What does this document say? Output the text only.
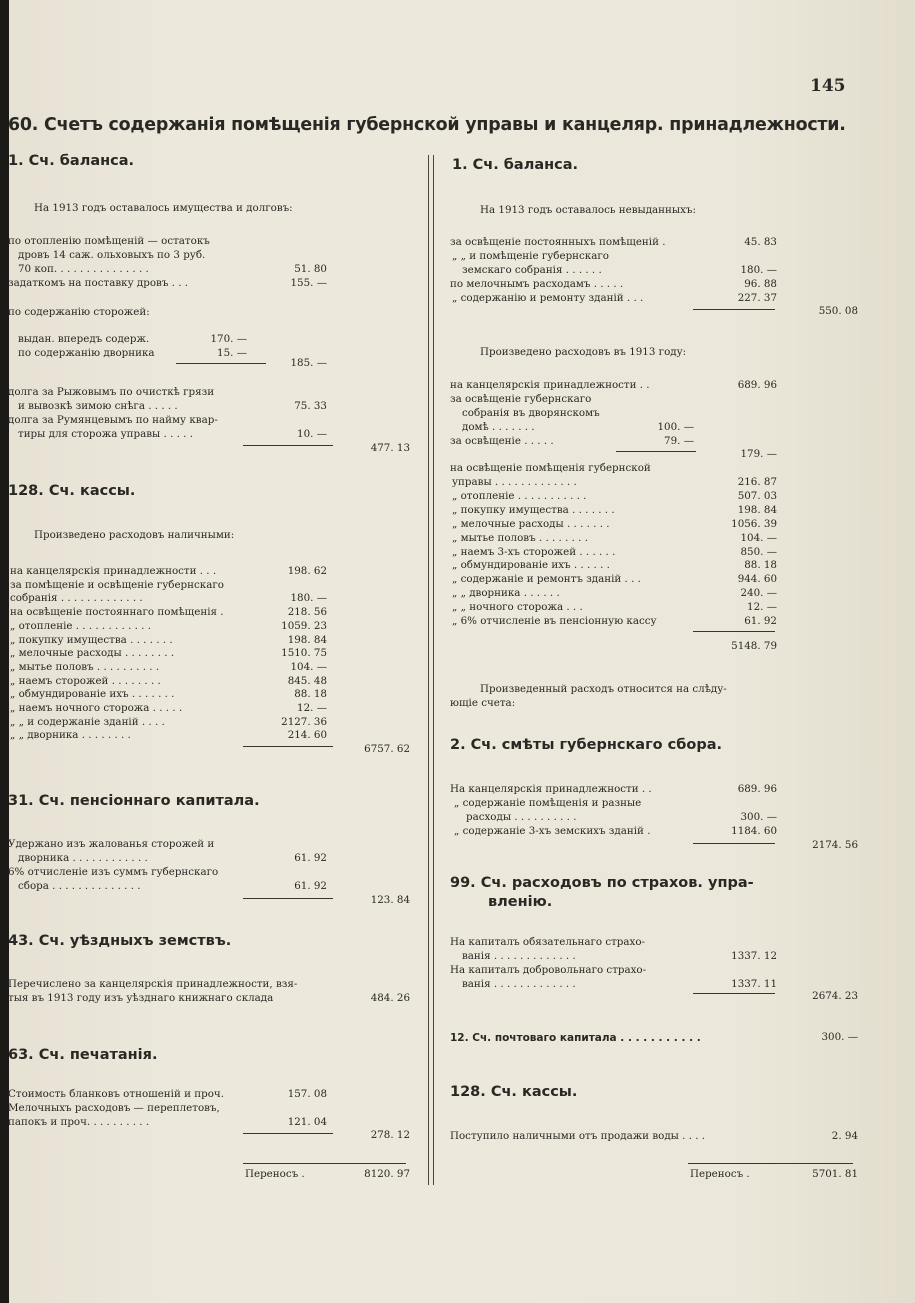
145
60. Счетъ содержанія помѣщенія губернской управы и канцеляр. принадлежности.
1. Сч. баланса.
На 1913 годъ оставалось имущества и долговъ:
по отопленію помѣщеній — остатокъ
дровъ 14 саж. ольховыхъ по 3 руб.
70 коп. . . . . . . . . . . . . . .	51. 80
задаткомъ на поставку дровъ . . .	155. —
по содержанію сторожей:
выдан. впередъ содерж.	170. —
по содержанію дворника	15. —
185. —
долга за Рыжовымъ по очисткѣ грязи
и вывозкѣ зимою снѣга . . . . .	75. 33
долга за Румянцевымъ по найму квар-
тиры для сторожа управы . . . . .	10. —
477. 13
128. Сч. кассы.
Произведено расходовъ наличными:
на канцелярскія принадлежности . . .	198. 62
за помѣщеніе и освѣщеніе губернскаго
собранія . . . . . . . . . . . . .	180. —
на освѣщеніе постояннаго помѣщенія .	218. 56
„ отопленіе . . . . . . . . . . . .	1059. 23
„ покупку имущества . . . . . . .	198. 84
„ мелочные расходы . . . . . . . .	1510. 75
„ мытье половъ . . . . . . . . . .	104. —
„ наемъ сторожей . . . . . . . .	845. 48
„ обмундированіе ихъ . . . . . . .	88. 18
„ наемъ ночного сторожа . . . . .	12. —
„ „ и содержаніе зданій . . . .	2127. 36
„ „ дворника . . . . . . . .	214. 60
6757. 62
31. Сч. пенсіоннаго капитала.
Удержано изъ жалованья сторожей и
дворника . . . . . . . . . . . .	61. 92
6% отчисленіе изъ суммъ губернскаго
сбора . . . . . . . . . . . . . .	61. 92
123. 84
43. Сч. уѣздныхъ земствъ.
Перечислено за канцелярскія принадлежности, взя-
тыя въ 1913 году изъ уѣзднаго книжнаго склада	484. 26
63. Сч. печатанія.
Стоимость бланковъ отношеній и проч.	157. 08
Мелочныхъ расходовъ — переплетовъ,
папокъ и проч. . . . . . . . . .	121. 04
278. 12
Переносъ .	8120. 97
1. Сч. баланса.
На 1913 годъ оставалось невыданныхъ:
за освѣщеніе постоянныхъ помѣщеній .	45. 83
„ „ и помѣщеніе губернскаго
земскаго собранія . . . . . .	180. —
по мелочнымъ расходамъ . . . . .	96. 88
„ содержанію и ремонту зданій . . .	227. 37
550. 08
Произведено расходовъ въ 1913 году:
на канцелярскія принадлежности . .	689. 96
за освѣщеніе губернскаго
собранія въ дворянскомъ
домѣ . . . . . . .	100. —
за освѣщеніе . . . . .	79. —
179. —
на освѣщеніе помѣщенія губернской
управы . . . . . . . . . . . . .	216. 87
„ отопленіе . . . . . . . . . . .	507. 03
„ покупку имущества . . . . . . .	198. 84
„ мелочные расходы . . . . . . .	1056. 39
„ мытье половъ . . . . . . . .	104. —
„ наемъ 3-хъ сторожей . . . . . .	850. —
„ обмундированіе ихъ . . . . . .	88. 18
„ содержаніе и ремонтъ зданій . . .	944. 60
„ „ дворника . . . . . .	240. —
„ „ ночного сторожа . . .	12. —
„ 6% отчисленіе въ пенсіонную кассу	61. 92
5148. 79
Произведенный расходъ относится на слѣду-
ющіе счета:
2. Сч. смѣты губернскаго сбора.
На канцелярскія принадлежности . .	689. 96
„ содержаніе помѣщенія и разные
расходы . . . . . . . . . .	300. —
„ содержаніе 3-хъ земскихъ зданій .	1184. 60
2174. 56
99. Сч. расходовъ по страхов. упра-
вленію.
На капиталъ обязательнаго страхо-
ванія . . . . . . . . . . . . .	1337. 12
На капиталъ добровольнаго страхо-
ванія . . . . . . . . . . . . .	1337. 11
2674. 23
12. Сч. почтоваго капитала . . . . . . . . . . .	300. —
128. Сч. кассы.
Поступило наличными отъ продажи воды . . . .	2. 94
Переносъ .	5701. 81
